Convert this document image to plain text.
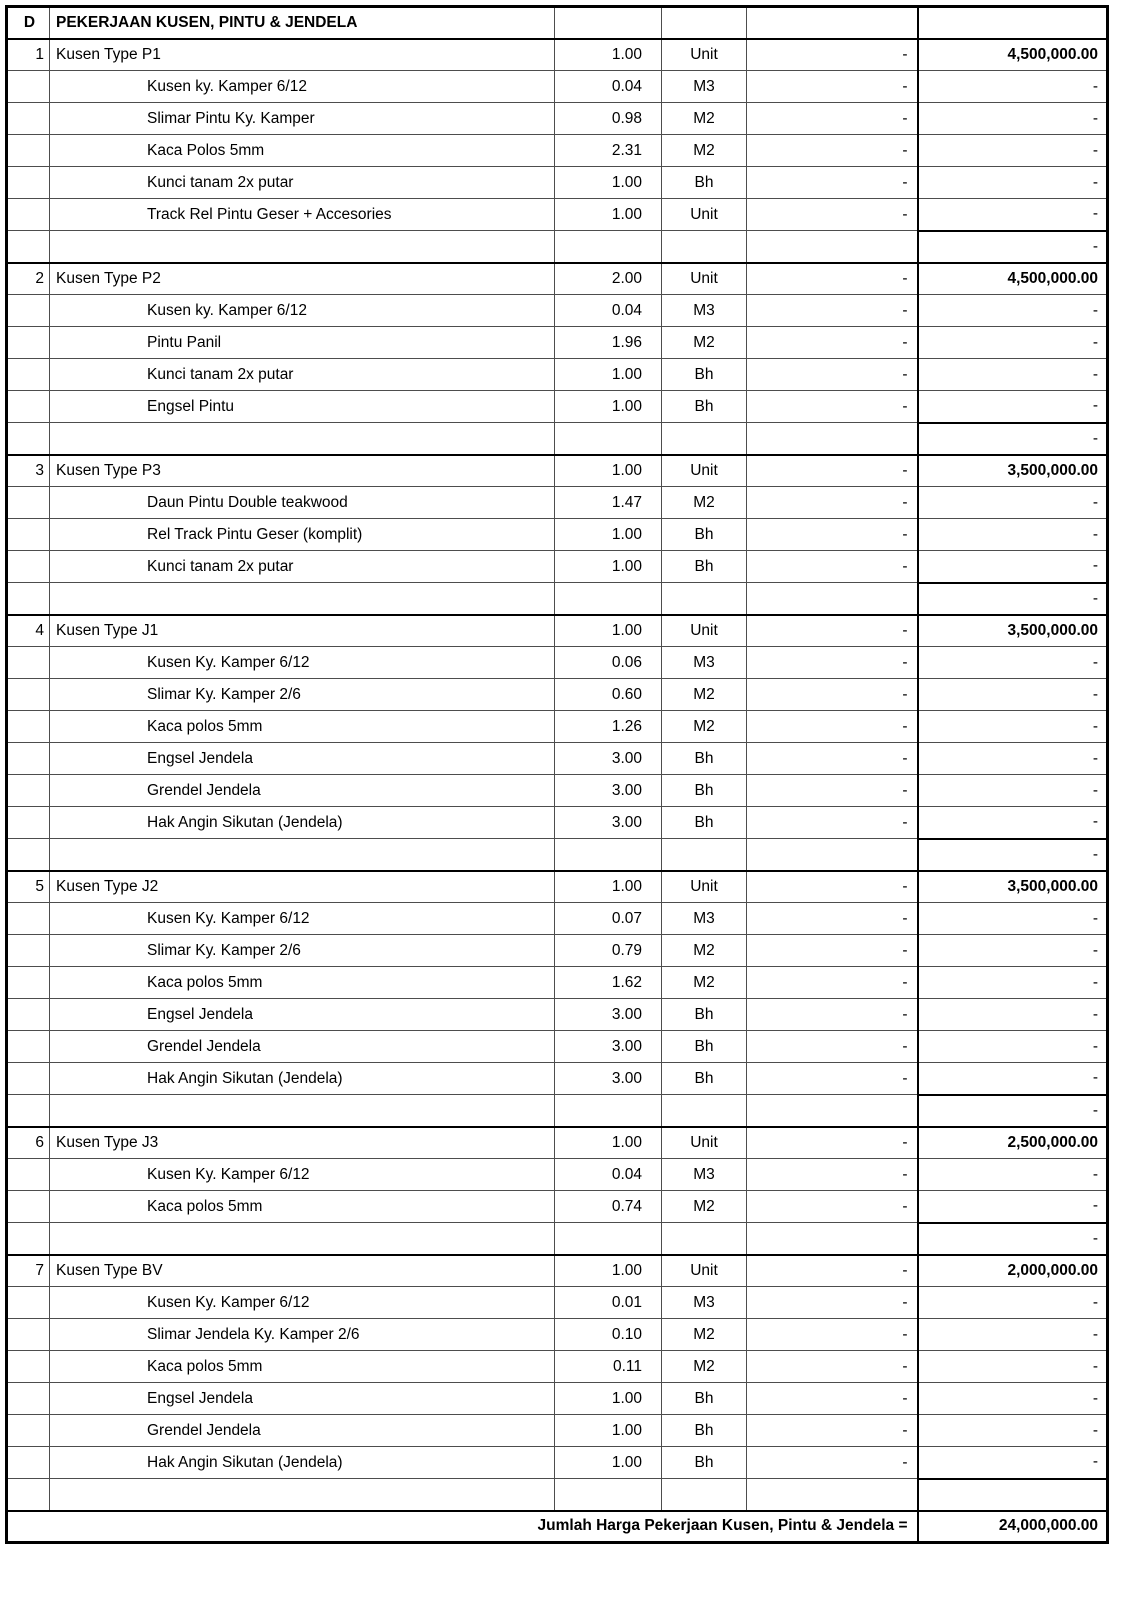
D	PEKERJAAN KUSEN, PINTU & JENDELA				
1	Kusen Type P1	1.00	Unit	-	4,500,000.00
	Kusen ky. Kamper 6/12	0.04	M3	-	-
	Slimar Pintu Ky. Kamper	0.98	M2	-	-
	Kaca Polos 5mm	2.31	M2	-	-
	Kunci tanam 2x putar	1.00	Bh	-	-
	Track Rel Pintu Geser + Accesories	1.00	Unit	-	-
					-
2	Kusen Type P2	2.00	Unit	-	4,500,000.00
	Kusen ky. Kamper 6/12	0.04	M3	-	-
	Pintu Panil	1.96	M2	-	-
	Kunci tanam 2x putar	1.00	Bh	-	-
	Engsel Pintu	1.00	Bh	-	-
					-
3	Kusen Type P3	1.00	Unit	-	3,500,000.00
	Daun Pintu Double teakwood	1.47	M2	-	-
	Rel Track Pintu Geser (komplit)	1.00	Bh	-	-
	Kunci tanam 2x putar	1.00	Bh	-	-
					-
4	Kusen Type J1	1.00	Unit	-	3,500,000.00
	Kusen Ky. Kamper 6/12	0.06	M3	-	-
	Slimar Ky. Kamper 2/6	0.60	M2	-	-
	Kaca polos 5mm	1.26	M2	-	-
	Engsel Jendela	3.00	Bh	-	-
	Grendel Jendela	3.00	Bh	-	-
	Hak Angin Sikutan (Jendela)	3.00	Bh	-	-
					-
5	Kusen Type J2	1.00	Unit	-	3,500,000.00
	Kusen Ky. Kamper 6/12	0.07	M3	-	-
	Slimar Ky. Kamper 2/6	0.79	M2	-	-
	Kaca polos 5mm	1.62	M2	-	-
	Engsel Jendela	3.00	Bh	-	-
	Grendel Jendela	3.00	Bh	-	-
	Hak Angin Sikutan (Jendela)	3.00	Bh	-	-
					-
6	Kusen Type J3	1.00	Unit	-	2,500,000.00
	Kusen Ky. Kamper 6/12	0.04	M3	-	-
	Kaca polos 5mm	0.74	M2	-	-
					-
7	Kusen Type BV	1.00	Unit	-	2,000,000.00
	Kusen Ky. Kamper 6/12	0.01	M3	-	-
	Slimar Jendela Ky. Kamper 2/6	0.10	M2	-	-
	Kaca polos 5mm	0.11	M2	-	-
	Engsel Jendela	1.00	Bh	-	-
	Grendel Jendela	1.00	Bh	-	-
	Hak Angin Sikutan (Jendela)	1.00	Bh	-	-

Jumlah Harga Pekerjaan Kusen, Pintu & Jendela =					24,000,000.00
